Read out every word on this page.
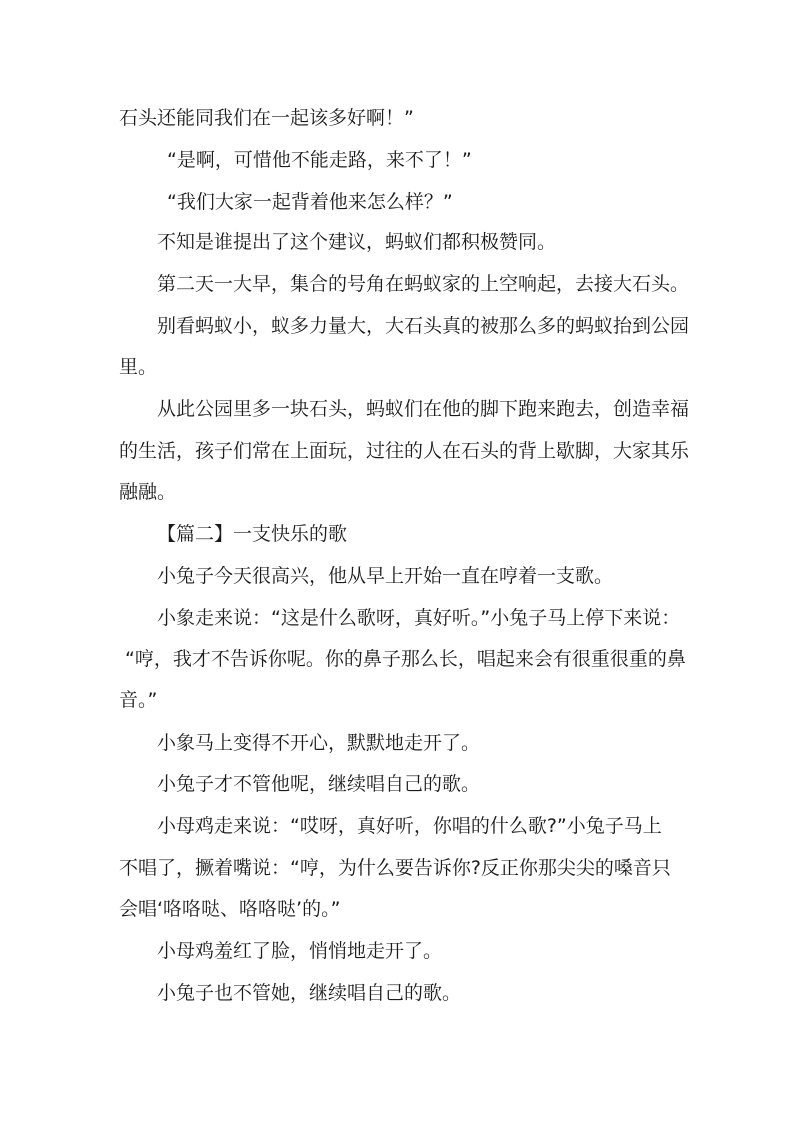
石头还能同我们在一起该多好啊！”

“是啊，可惜他不能走路，来不了！”

“我们大家一起背着他来怎么样？”

不知是谁提出了这个建议，蚂蚁们都积极赞同。

第二天一大早，集合的号角在蚂蚁家的上空响起，去接大石头。

别看蚂蚁小，蚁多力量大，大石头真的被那么多的蚂蚁抬到公园

里。

从此公园里多一块石头，蚂蚁们在他的脚下跑来跑去，创造幸福

的生活，孩子们常在上面玩，过往的人在石头的背上歇脚，大家其乐

融融。

【篇二】一支快乐的歌

小兔子今天很高兴，他从早上开始一直在哼着一支歌。

小象走来说：“这是什么歌呀，真好听。”小兔子马上停下来说：

“哼，我才不告诉你呢。你的鼻子那么长，唱起来会有很重很重的鼻

音。”

小象马上变得不开心，默默地走开了。

小兔子才不管他呢，继续唱自己的歌。

小母鸡走来说：“哎呀，真好听，你唱的什么歌?”小兔子马上

不唱了，撅着嘴说：“哼，为什么要告诉你?反正你那尖尖的嗓音只

会唱‘咯咯哒、咯咯哒’的。”

小母鸡羞红了脸，悄悄地走开了。

小兔子也不管她，继续唱自己的歌。
